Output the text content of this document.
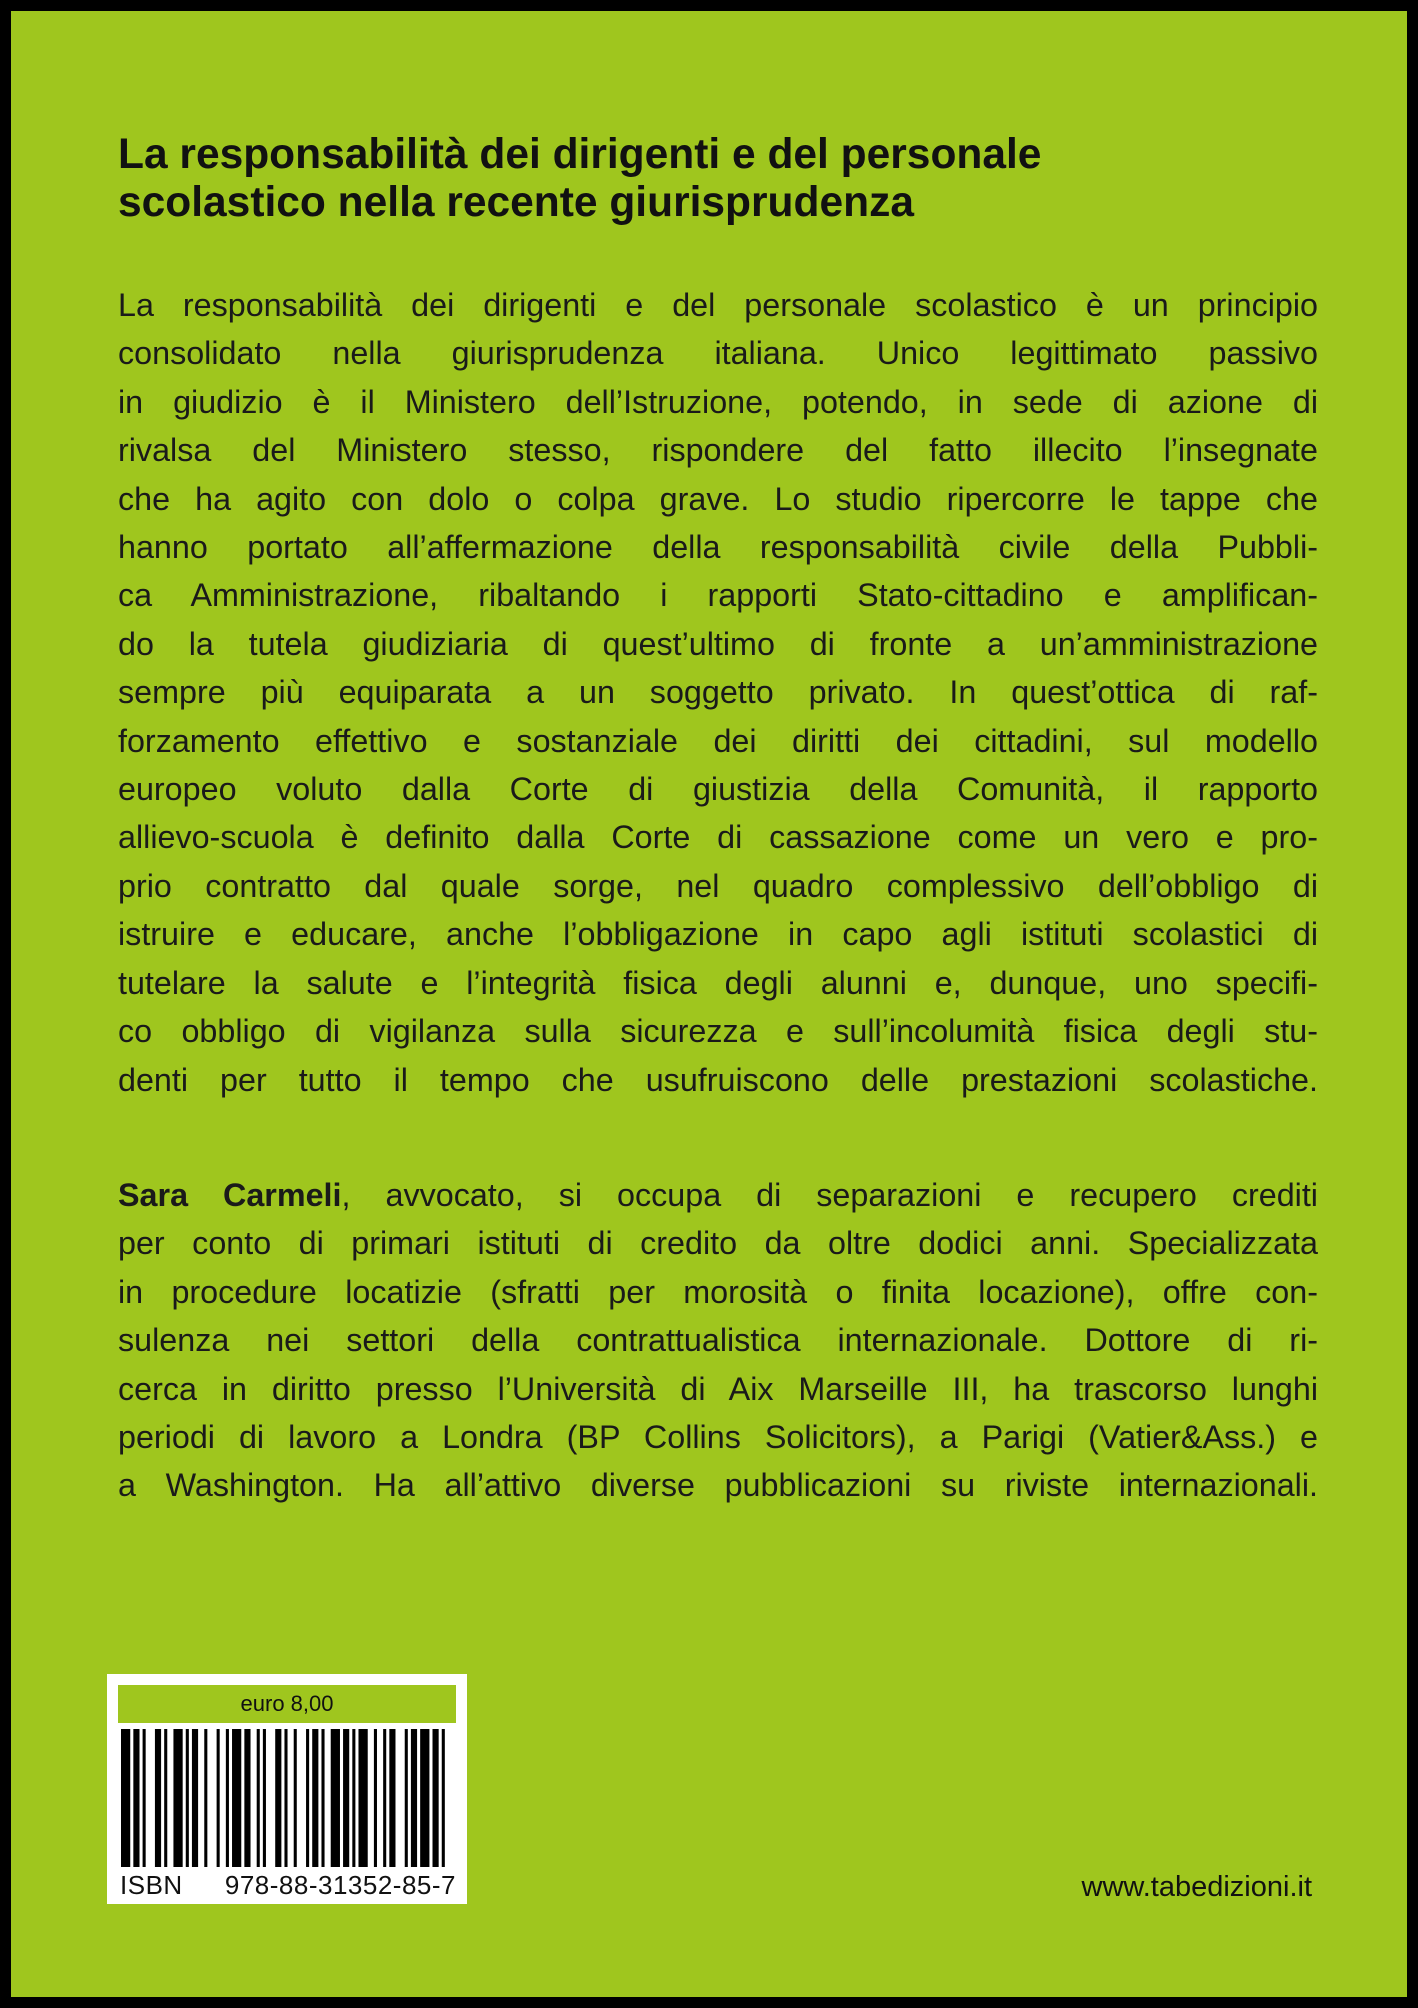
La responsabilità dei dirigenti e del personale
scolastico nella recente giurisprudenza
La responsabilità dei dirigenti e del personale scolastico è un principio
consolidato nella giurisprudenza italiana. Unico legittimato passivo
in giudizio è il Ministero dell’Istruzione, potendo, in sede di azione di
rivalsa del Ministero stesso, rispondere del fatto illecito l’insegnate
che ha agito con dolo o colpa grave. Lo studio ripercorre le tappe che
hanno portato all’affermazione della responsabilità civile della Pubbli-
ca Amministrazione, ribaltando i rapporti Stato-cittadino e amplifican-
do la tutela giudiziaria di quest’ultimo di fronte a un’amministrazione
sempre più equiparata a un soggetto privato. In quest’ottica di raf-
forzamento effettivo e sostanziale dei diritti dei cittadini, sul modello
europeo voluto dalla Corte di giustizia della Comunità, il rapporto
allievo-scuola è definito dalla Corte di cassazione come un vero e pro-
prio contratto dal quale sorge, nel quadro complessivo dell’obbligo di
istruire e educare, anche l’obbligazione in capo agli istituti scolastici di
tutelare la salute e l’integrità fisica degli alunni e, dunque, uno specifi-
co obbligo di vigilanza sulla sicurezza e sull’incolumità fisica degli stu-
denti per tutto il tempo che usufruiscono delle prestazioni scolastiche.
Sara Carmeli, avvocato, si occupa di separazioni e recupero crediti
per conto di primari istituti di credito da oltre dodici anni. Specializzata
in procedure locatizie (sfratti per morosità o finita locazione), offre con-
sulenza nei settori della contrattualistica internazionale. Dottore di ri-
cerca in diritto presso l’Università di Aix Marseille III, ha trascorso lunghi
periodi di lavoro a Londra (BP Collins Solicitors), a Parigi (Vatier&Ass.) e
a Washington. Ha all’attivo diverse pubblicazioni su riviste internazionali.
euro 8,00
ISBN 978-88-31352-85-7	www.tabedizioni.it
